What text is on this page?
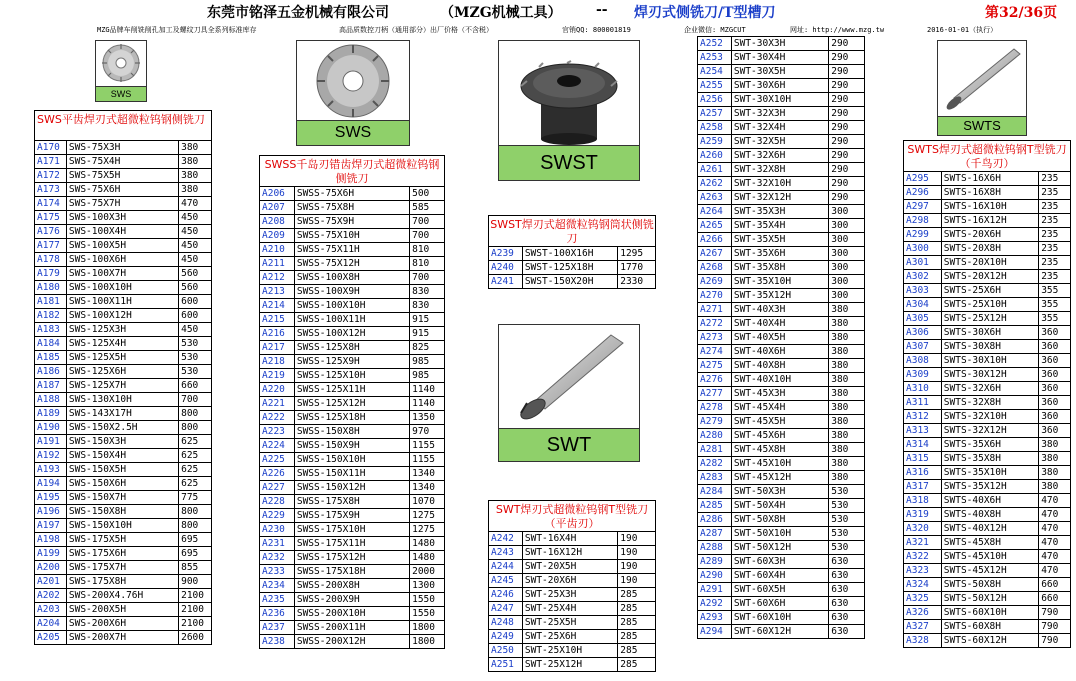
东莞市铭泽五金机械有限公司	（MZG机械工具） -- 焊刃式侧铣刀/T型槽刀	第32/36页
MZG品牌车削铣削孔加工及螺纹刀具全系列标准库存	高品质数控刀柄（通用部分）出厂价格（不含税）	官销QQ: 800001819	企业微信: MZGCUT	网址: http://www.mzg.tw	2016-01-01（执行）
SWS
SWS
SWST
SWT
SWTS
SWS平齿焊刃式超微粒钨钢侧铣刀
SWSS千岛刃错齿焊刃式超微粒钨钢侧铣刀
SWST焊刃式超微粒钨钢筒状侧铣刀
SWT焊刃式超微粒钨钢T型铣刀（平齿刃）
SWTS焊刃式超微粒钨钢T型铣刀（千鸟刃）
A170	SWS-75X3H	380
A171	SWS-75X4H	380
A172	SWS-75X5H	380
A173	SWS-75X6H	380
A174	SWS-75X7H	470
A175	SWS-100X3H	450
A176	SWS-100X4H	450
A177	SWS-100X5H	450
A178	SWS-100X6H	450
A179	SWS-100X7H	560
A180	SWS-100X10H	560
A181	SWS-100X11H	600
A182	SWS-100X12H	600
A183	SWS-125X3H	450
A184	SWS-125X4H	530
A185	SWS-125X5H	530
A186	SWS-125X6H	530
A187	SWS-125X7H	660
A188	SWS-130X10H	700
A189	SWS-143X17H	800
A190	SWS-150X2.5H	800
A191	SWS-150X3H	625
A192	SWS-150X4H	625
A193	SWS-150X5H	625
A194	SWS-150X6H	625
A195	SWS-150X7H	775
A196	SWS-150X8H	800
A197	SWS-150X10H	800
A198	SWS-175X5H	695
A199	SWS-175X6H	695
A200	SWS-175X7H	855
A201	SWS-175X8H	900
A202	SWS-200X4.76H	2100
A203	SWS-200X5H	2100
A204	SWS-200X6H	2100
A205	SWS-200X7H	2600
A206	SWSS-75X6H	500
A207	SWSS-75X8H	585
A208	SWSS-75X9H	700
A209	SWSS-75X10H	700
A210	SWSS-75X11H	810
A211	SWSS-75X12H	810
A212	SWSS-100X8H	700
A213	SWSS-100X9H	830
A214	SWSS-100X10H	830
A215	SWSS-100X11H	915
A216	SWSS-100X12H	915
A217	SWSS-125X8H	825
A218	SWSS-125X9H	985
A219	SWSS-125X10H	985
A220	SWSS-125X11H	1140
A221	SWSS-125X12H	1140
A222	SWSS-125X18H	1350
A223	SWSS-150X8H	970
A224	SWSS-150X9H	1155
A225	SWSS-150X10H	1155
A226	SWSS-150X11H	1340
A227	SWSS-150X12H	1340
A228	SWSS-175X8H	1070
A229	SWSS-175X9H	1275
A230	SWSS-175X10H	1275
A231	SWSS-175X11H	1480
A232	SWSS-175X12H	1480
A233	SWSS-175X18H	2000
A234	SWSS-200X8H	1300
A235	SWSS-200X9H	1550
A236	SWSS-200X10H	1550
A237	SWSS-200X11H	1800
A238	SWSS-200X12H	1800
A239	SWST-100X16H	1295
A240	SWST-125X18H	1770
A241	SWST-150X20H	2330
A242	SWT-16X4H	190
A243	SWT-16X12H	190
A244	SWT-20X5H	190
A245	SWT-20X6H	190
A246	SWT-25X3H	285
A247	SWT-25X4H	285
A248	SWT-25X5H	285
A249	SWT-25X6H	285
A250	SWT-25X10H	285
A251	SWT-25X12H	285
A252	SWT-30X3H	290
A253	SWT-30X4H	290
A254	SWT-30X5H	290
A255	SWT-30X6H	290
A256	SWT-30X10H	290
A257	SWT-32X3H	290
A258	SWT-32X4H	290
A259	SWT-32X5H	290
A260	SWT-32X6H	290
A261	SWT-32X8H	290
A262	SWT-32X10H	290
A263	SWT-32X12H	290
A264	SWT-35X3H	300
A265	SWT-35X4H	300
A266	SWT-35X5H	300
A267	SWT-35X6H	300
A268	SWT-35X8H	300
A269	SWT-35X10H	300
A270	SWT-35X12H	300
A271	SWT-40X3H	380
A272	SWT-40X4H	380
A273	SWT-40X5H	380
A274	SWT-40X6H	380
A275	SWT-40X8H	380
A276	SWT-40X10H	380
A277	SWT-45X3H	380
A278	SWT-45X4H	380
A279	SWT-45X5H	380
A280	SWT-45X6H	380
A281	SWT-45X8H	380
A282	SWT-45X10H	380
A283	SWT-45X12H	380
A284	SWT-50X3H	530
A285	SWT-50X4H	530
A286	SWT-50X8H	530
A287	SWT-50X10H	530
A288	SWT-50X12H	530
A289	SWT-60X3H	630
A290	SWT-60X4H	630
A291	SWT-60X5H	630
A292	SWT-60X6H	630
A293	SWT-60X10H	630
A294	SWT-60X12H	630
A295	SWTS-16X6H	235
A296	SWTS-16X8H	235
A297	SWTS-16X10H	235
A298	SWTS-16X12H	235
A299	SWTS-20X6H	235
A300	SWTS-20X8H	235
A301	SWTS-20X10H	235
A302	SWTS-20X12H	235
A303	SWTS-25X6H	355
A304	SWTS-25X10H	355
A305	SWTS-25X12H	355
A306	SWTS-30X6H	360
A307	SWTS-30X8H	360
A308	SWTS-30X10H	360
A309	SWTS-30X12H	360
A310	SWTS-32X6H	360
A311	SWTS-32X8H	360
A312	SWTS-32X10H	360
A313	SWTS-32X12H	360
A314	SWTS-35X6H	380
A315	SWTS-35X8H	380
A316	SWTS-35X10H	380
A317	SWTS-35X12H	380
A318	SWTS-40X6H	470
A319	SWTS-40X8H	470
A320	SWTS-40X12H	470
A321	SWTS-45X8H	470
A322	SWTS-45X10H	470
A323	SWTS-45X12H	470
A324	SWTS-50X8H	660
A325	SWTS-50X12H	660
A326	SWTS-60X10H	790
A327	SWTS-60X8H	790
A328	SWTS-60X12H	790
